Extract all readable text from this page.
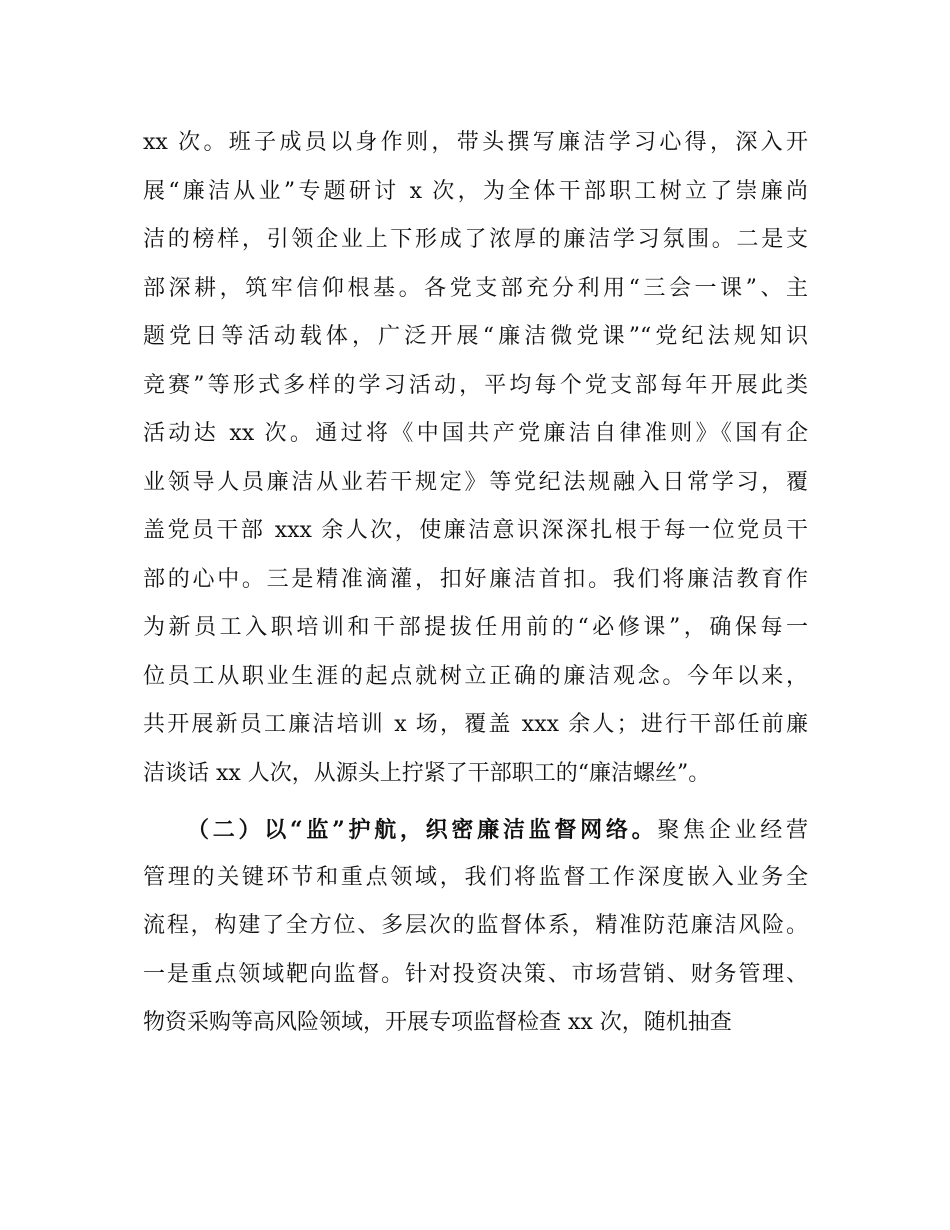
xx 次。班子成员以身作则，带头撰写廉洁学习心得，深入开
展“廉洁从业”专题研讨 x 次，为全体干部职工树立了崇廉尚
洁的榜样，引领企业上下形成了浓厚的廉洁学习氛围。二是支
部深耕，筑牢信仰根基。各党支部充分利用“三会一课”、主
题党日等活动载体，广泛开展“廉洁微党课”“党纪法规知识
竞赛”等形式多样的学习活动，平均每个党支部每年开展此类
活动达 xx 次。通过将《中国共产党廉洁自律准则》《国有企
业领导人员廉洁从业若干规定》等党纪法规融入日常学习，覆
盖党员干部 xxx 余人次，使廉洁意识深深扎根于每一位党员干
部的心中。三是精准滴灌，扣好廉洁首扣。我们将廉洁教育作
为新员工入职培训和干部提拔任用前的“必修课”，确保每一
位员工从职业生涯的起点就树立正确的廉洁观念。今年以来，
共开展新员工廉洁培训 x 场，覆盖 xxx 余人；进行干部任前廉
洁谈话 xx 人次，从源头上拧紧了干部职工的“廉洁螺丝”。
（二）以“监”护航，织密廉洁监督网络。聚焦企业经营
管理的关键环节和重点领域，我们将监督工作深度嵌入业务全
流程，构建了全方位、多层次的监督体系，精准防范廉洁风险。
一是重点领域靶向监督。针对投资决策、市场营销、财务管理、
物资采购等高风险领域，开展专项监督检查 xx 次，随机抽查
